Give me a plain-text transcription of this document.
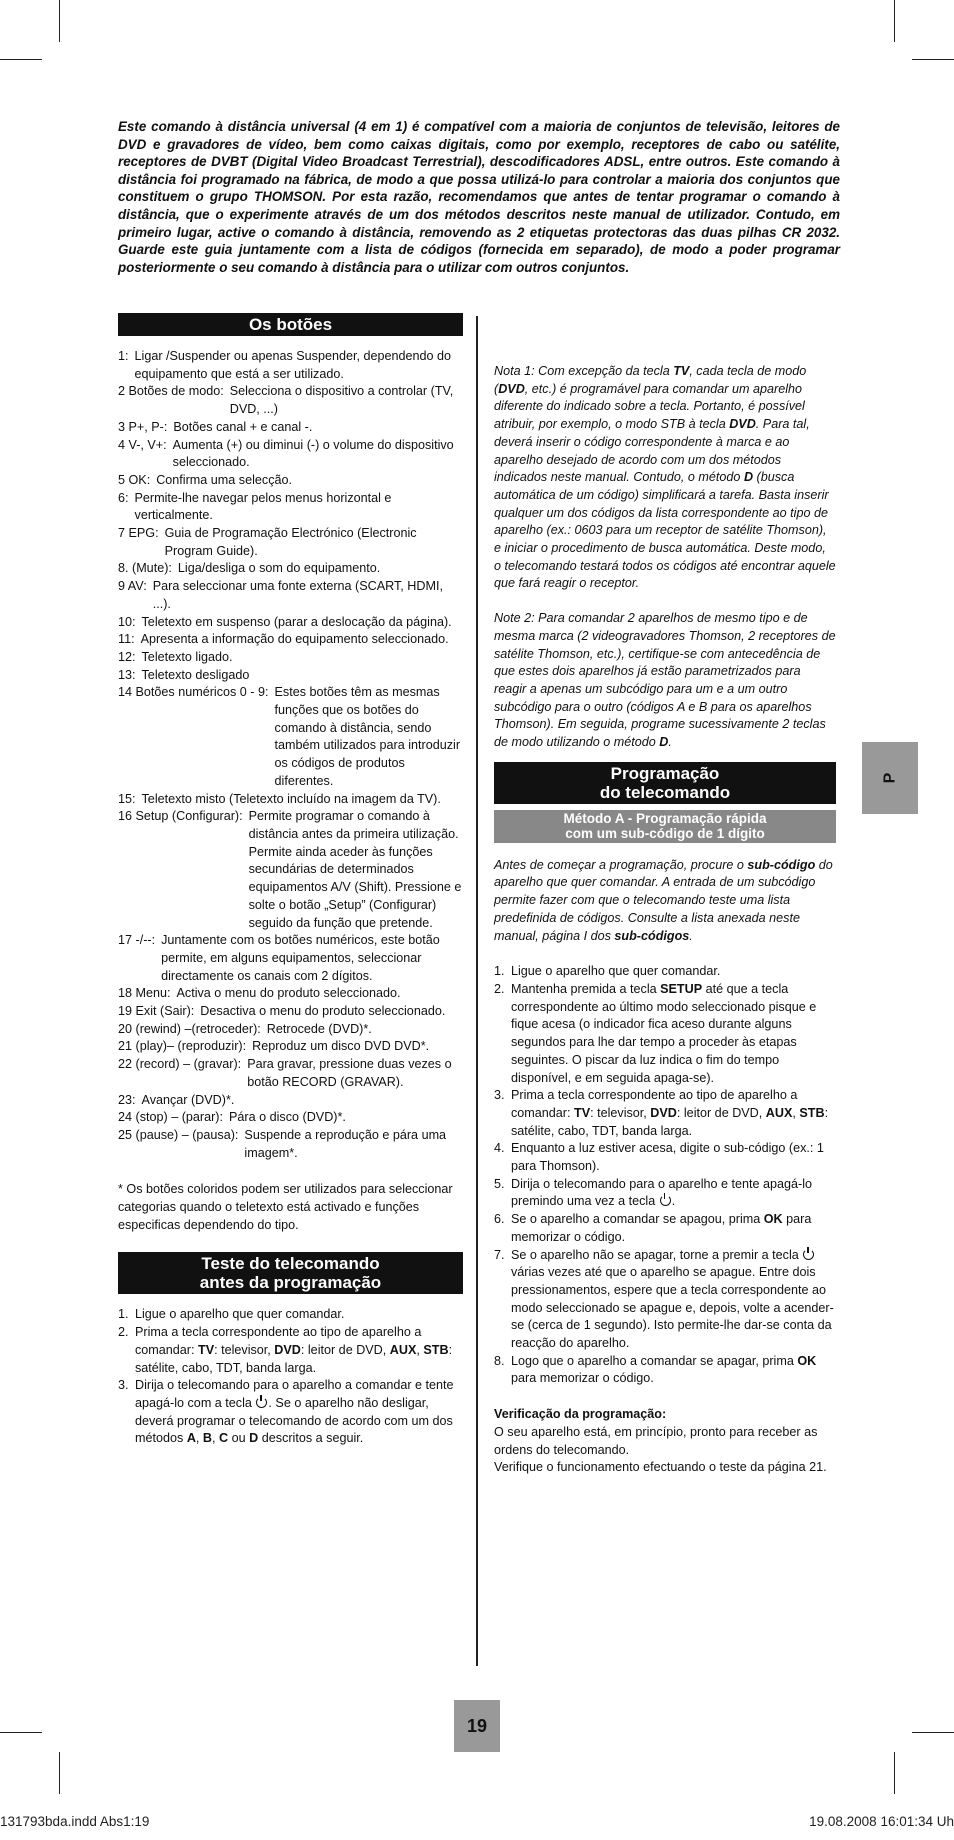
Este comando à distância universal (4 em 1) é compatível com a maioria de conjuntos de televisão, leitores de DVD e gravadores de vídeo, bem como caixas digitais, como por exemplo, receptores de cabo ou satélite, receptores de DVBT (Digital Video Broadcast Terrestrial), descodificadores ADSL, entre outros. Este comando à distância foi programado na fábrica, de modo a que possa utilizá-lo para controlar a maioria dos conjuntos que constituem o grupo THOMSON. Por esta razão, recomendamos que antes de tentar programar o comando à distância, que o experimente através de um dos métodos descritos neste manual de utilizador. Contudo, em primeiro lugar, active o comando à distância, removendo as 2 etiquetas protectoras das duas pilhas CR 2032. Guarde este guia juntamente com a lista de códigos (fornecida em separado), de modo a poder programar posteriormente o seu comando à distância para o utilizar com outros conjuntos.
Os botões
1: Ligar /Suspender ou apenas Suspender, dependendo do equipamento que está a ser utilizado.
2 Botões de modo: Selecciona o dispositivo a controlar (TV, DVD, ...)
3 P+, P-: Botões canal + e canal -.
4 V-, V+: Aumenta (+) ou diminui (-) o volume do dispositivo seleccionado.
5 OK: Confirma uma selecção.
6: Permite-lhe navegar pelos menus horizontal e verticalmente.
7 EPG: Guia de Programação Electrónico (Electronic Program Guide).
8. (Mute): Liga/desliga o som do equipamento.
9 AV: Para seleccionar uma fonte externa (SCART, HDMI, ...).
10: Teletexto em suspenso (parar a deslocação da página).
11: Apresenta a informação do equipamento seleccionado.
12: Teletexto ligado.
13: Teletexto desligado
14 Botões numéricos 0 - 9: Estes botões têm as mesmas funções que os botões do comando à distância, sendo também utilizados para introduzir os códigos de produtos diferentes.
15: Teletexto misto (Teletexto incluído na imagem da TV).
16 Setup (Configurar): Permite programar o comando à distância antes da primeira utilização. Permite ainda aceder às funções secundárias de determinados equipamentos A/V (Shift). Pressione e solte o botão „Setup” (Configurar) seguido da função que pretende.
17 -/--: Juntamente com os botões numéricos, este botão permite, em alguns equipamentos, seleccionar directamente os canais com 2 dígitos.
18 Menu: Activa o menu do produto seleccionado.
19 Exit (Sair): Desactiva o menu do produto seleccionado.
20 (rewind) –(retroceder): Retrocede (DVD)*.
21 (play)– (reproduzir): Reproduz um disco DVD DVD*.
22 (record) – (gravar): Para gravar, pressione duas vezes o botão RECORD (GRAVAR).
23: Avançar (DVD)*.
24 (stop) – (parar): Pára o disco (DVD)*.
25 (pause) – (pausa): Suspende a reprodução e pára uma imagem*.

* Os botões coloridos podem ser utilizados para seleccionar categorias quando o teletexto está activado e funções especificas dependendo do tipo.

Teste do telecomando
antes da programação
1. Ligue o aparelho que quer comandar.
2. Prima a tecla correspondente ao tipo de aparelho a comandar: TV: televisor, DVD: leitor de DVD, AUX, STB: satélite, cabo, TDT, banda larga.
3. Dirija o telecomando para o aparelho a comandar e tente apagá-lo com a tecla . Se o aparelho não desligar, deverá programar o telecomando de acordo com um dos métodos A, B, C ou D descritos a seguir.

Nota 1: Com excepção da tecla TV, cada tecla de modo (DVD, etc.) é programável para comandar um aparelho diferente do indicado sobre a tecla. Portanto, é possível atribuir, por exemplo, o modo STB à tecla DVD. Para tal, deverá inserir o código correspondente à marca e ao aparelho desejado de acordo com um dos métodos indicados neste manual. Contudo, o método D (busca automática de um código) simplificará a tarefa. Basta inserir qualquer um dos códigos da lista correspondente ao tipo de aparelho (ex.: 0603 para um receptor de satélite Thomson), e iniciar o procedimento de busca automática. Deste modo, o telecomando testará todos os códigos até encontrar aquele que fará reagir o receptor.

Note 2: Para comandar 2 aparelhos de mesmo tipo e de mesma marca (2 videogravadores Thomson, 2 receptores de satélite Thomson, etc.), certifique-se com antecedência de que estes dois aparelhos já estão parametrizados para reagir a apenas um subcódigo para um e a um outro subcódigo para o outro (códigos A e B para os aparelhos Thomson). Em seguida, programe sucessivamente 2 teclas de modo utilizando o método D.

Programação
do telecomando
Método A - Programação rápida
com um sub-código de 1 dígito

Antes de começar a programação, procure o sub-código do aparelho que quer comandar. A entrada de um subcódigo permite fazer com que o telecomando teste uma lista predefinida de códigos. Consulte a lista anexada neste manual, página I dos sub-códigos.

1. Ligue o aparelho que quer comandar.
2. Mantenha premida a tecla SETUP até que a tecla correspondente ao último modo seleccionado pisque e fique acesa (o indicador fica aceso durante alguns segundos para lhe dar tempo a proceder às etapas seguintes. O piscar da luz indica o fim do tempo disponível, e em seguida apaga-se).
3. Prima a tecla correspondente ao tipo de aparelho a comandar: TV: televisor, DVD: leitor de DVD, AUX, STB: satélite, cabo, TDT, banda larga.
4. Enquanto a luz estiver acesa, digite o sub-código (ex.: 1 para Thomson).
5. Dirija o telecomando para o aparelho e tente apagá-lo premindo uma vez a tecla .
6. Se o aparelho a comandar se apagou, prima OK para memorizar o código.
7. Se o aparelho não se apagar, torne a premir a tecla  várias vezes até que o aparelho se apague. Entre dois pressionamentos, espere que a tecla correspondente ao modo seleccionado se apague e, depois, volte a acender-se (cerca de 1 segundo). Isto permite-lhe dar-se conta da reacção do aparelho.
8. Logo que o aparelho a comandar se apagar, prima OK para memorizar o código.

Verificação da programação:

O seu aparelho está, em princípio, pronto para receber as ordens do telecomando.

Verifique o funcionamento efectuando o teste da página 21.

P
19
131793bda.indd Abs1:19	19.08.2008 16:01:34 Uh
